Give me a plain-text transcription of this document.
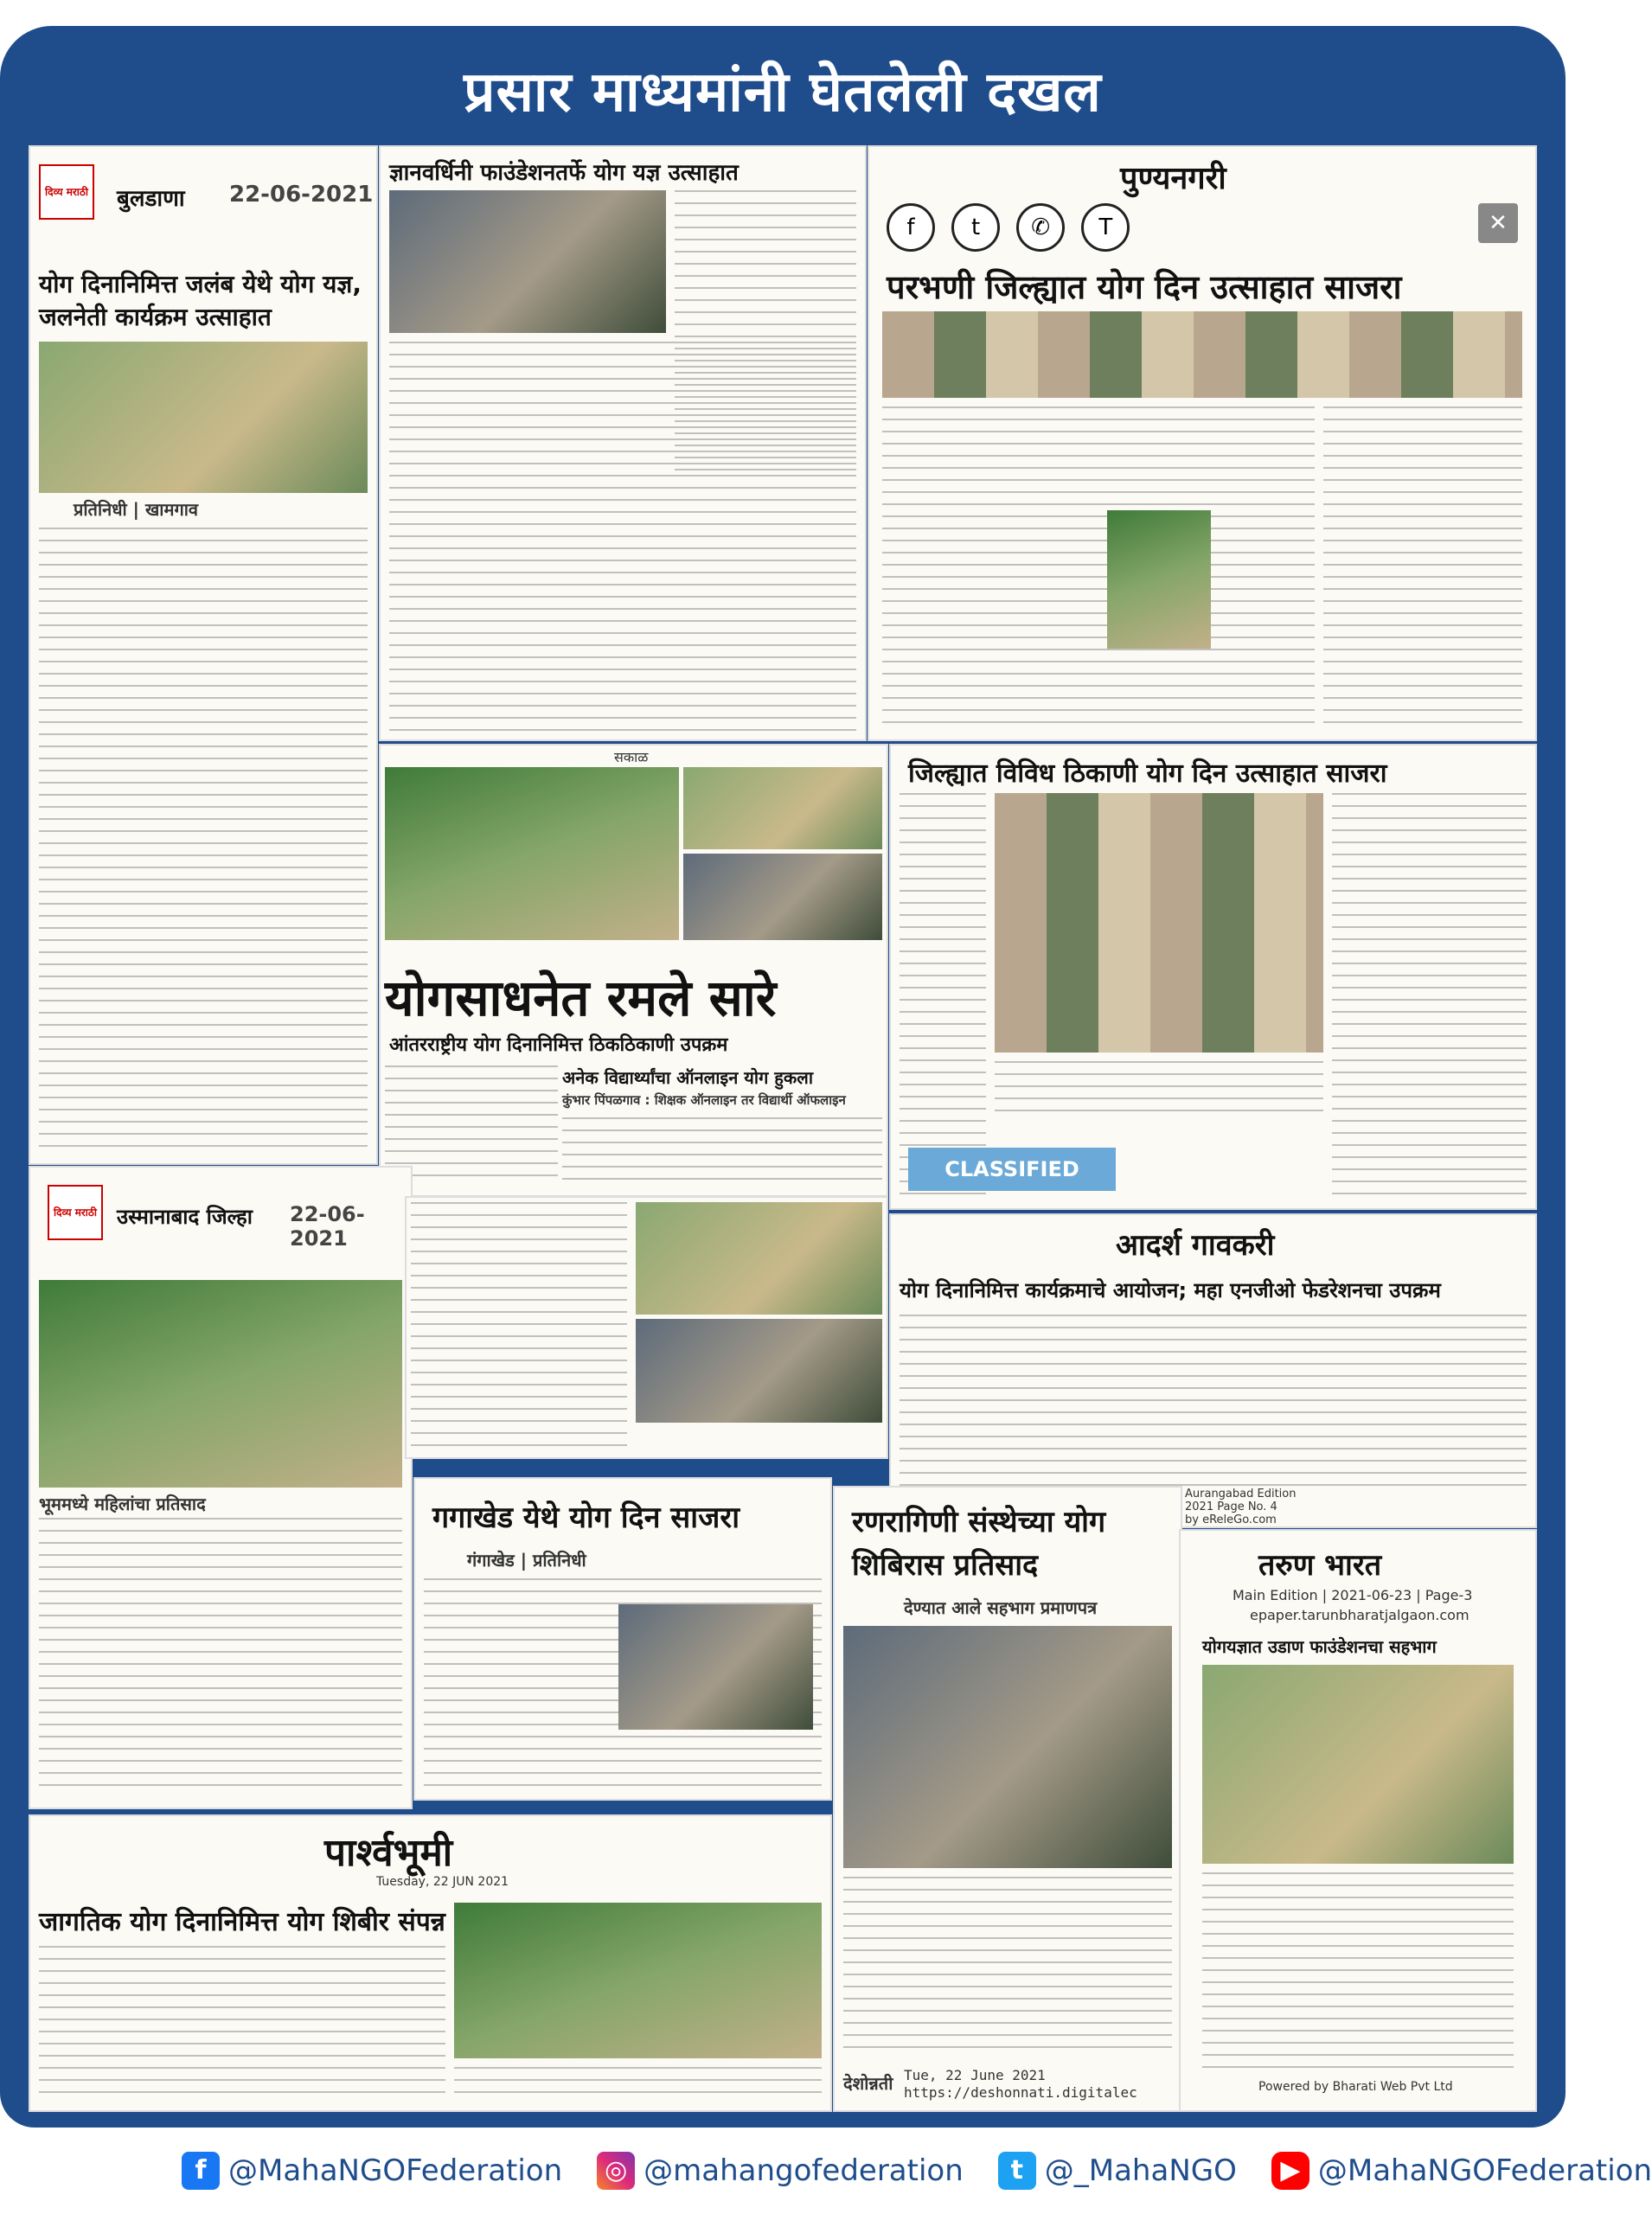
प्रसार माध्यमांनी घेतलेली दखल
दिव्य मराठी बुलडाणा 22-06-2021
योग दिनानिमित्त जलंब येथे योग यज्ञ, जलनेती कार्यक्रम उत्साहात
प्रतिनिधी | खामगाव
ज्ञानवर्धिनी फाउंडेशनतर्फे योग यज्ञ उत्साहात	पुण्यनगरी
f	t ✆ T	✕
परभणी जिल्ह्यात योग दिन उत्साहात साजरा
सकाळ
योगसाधनेत रमले सारे
आंतरराष्ट्रीय योग दिनानिमित्त ठिकठिकाणी उपक्रम
अनेक विद्यार्थ्यांचा ऑनलाइन योग हुकला
कुंभार पिंपळगाव : शिक्षक ऑनलाइन तर विद्यार्थी ऑफलाइन
जिल्ह्यात विविध ठिकाणी योग दिन उत्साहात साजरा
CLASSIFIED
दिव्य मराठी उस्मानाबाद जिल्हा 22-06-2021
भूममध्ये महिलांचा प्रतिसाद
आदर्श गावकरी
योग दिनानिमित्त कार्यक्रमाचे आयोजन; महा एनजीओ फेडरेशनचा उपक्रम
Aurangabad Edition
2021 Page No. 4
by eReleGo.com
गगाखेड येथे योग दिन साजरा
गंगाखेड | प्रतिनिधी
रणरागिणी संस्थेच्या योग शिबिरास प्रतिसाद
देण्यात आले सहभाग प्रमाणपत्र
देशोन्नती Tue, 22 June 2021
https://deshonnati.digitalec
तरुण भारत
Main Edition | 2021-06-23 | Page-3
epaper.tarunbharatjalgaon.com
योगयज्ञात उडाण फाउंडेशनचा सहभाग
Powered by Bharati Web Pvt Ltd
पार्श्वभूमी
Tuesday, 22 JUN 2021
जागतिक योग दिनानिमित्त योग शिबीर संपन्न
f @MahaNGOFederation ◎ @mahangofederation	t @_MahaNGO	▶ @MahaNGOFederation
